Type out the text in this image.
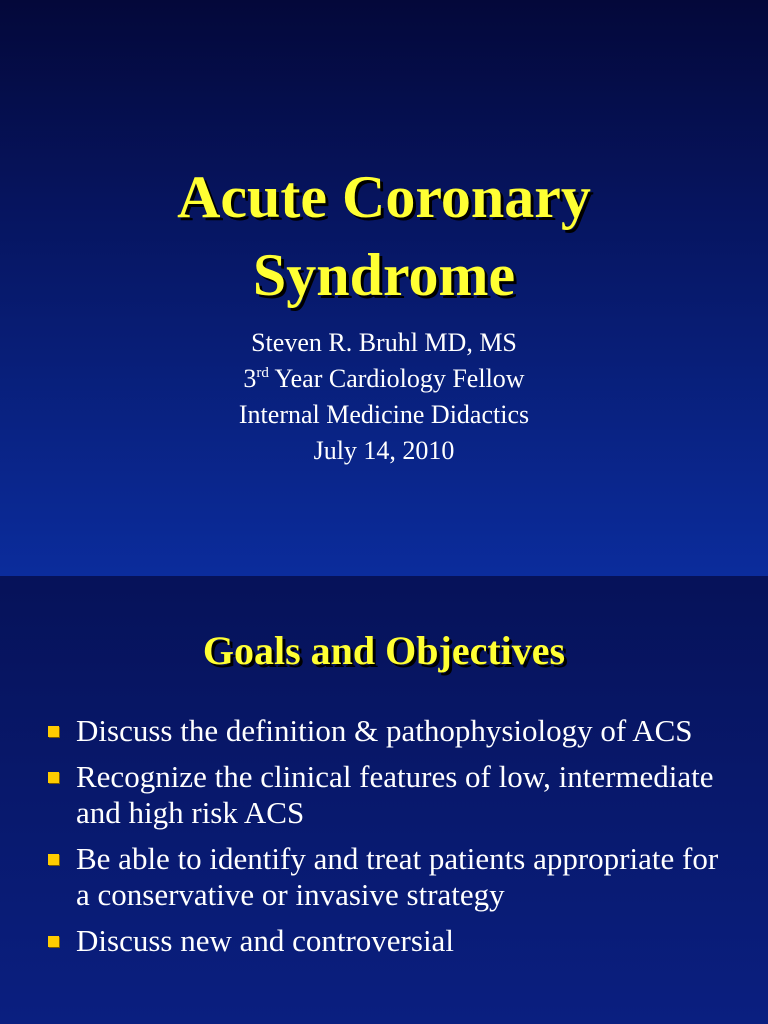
Acute Coronary
Syndrome
Steven R. Bruhl MD, MS
3rd Year Cardiology Fellow
Internal Medicine Didactics
July 14, 2010
Goals and Objectives
Discuss the definition & pathophysiology of ACS
Recognize the clinical features of low, intermediate and high risk ACS
Be able to identify and treat patients appropriate for a conservative or invasive strategy
Discuss new and controversial
